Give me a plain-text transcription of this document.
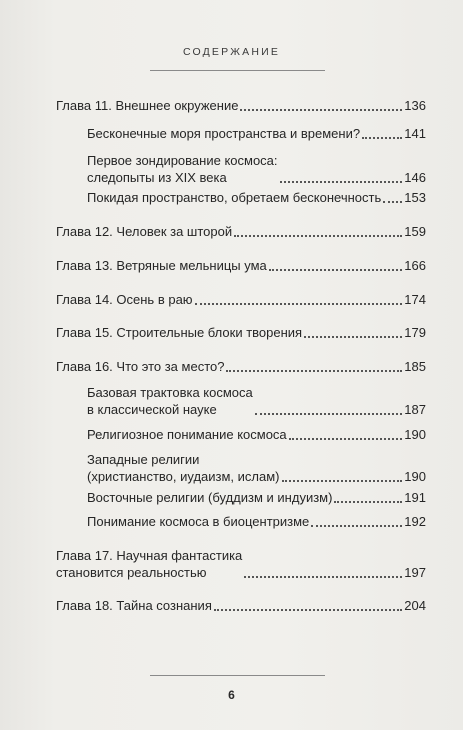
СОДЕРЖАНИЕ
Глава 11. Внешнее окружение	136
Бесконечные моря пространства и времени?	141
Первое зондирование космоса:
следопыты из XIX века	146
Покидая пространство, обретаем бесконечность 153
Глава 12. Человек за шторой	159
Глава 13. Ветряные мельницы ума	166
Глава 14. Осень в раю	174
Глава 15. Строительные блоки творения	179
Глава 16. Что это за место?	185
Базовая трактовка космоса
в классической науке	187
Религиозное понимание космоса	190
Западные религии
(христианство, иудаизм, ислам)	190
Восточные религии (буддизм и индуизм)	191
Понимание космоса в биоцентризме	192
Глава 17. Научная фантастика
становится реальностью	197
Глава 18. Тайна сознания	204
6
